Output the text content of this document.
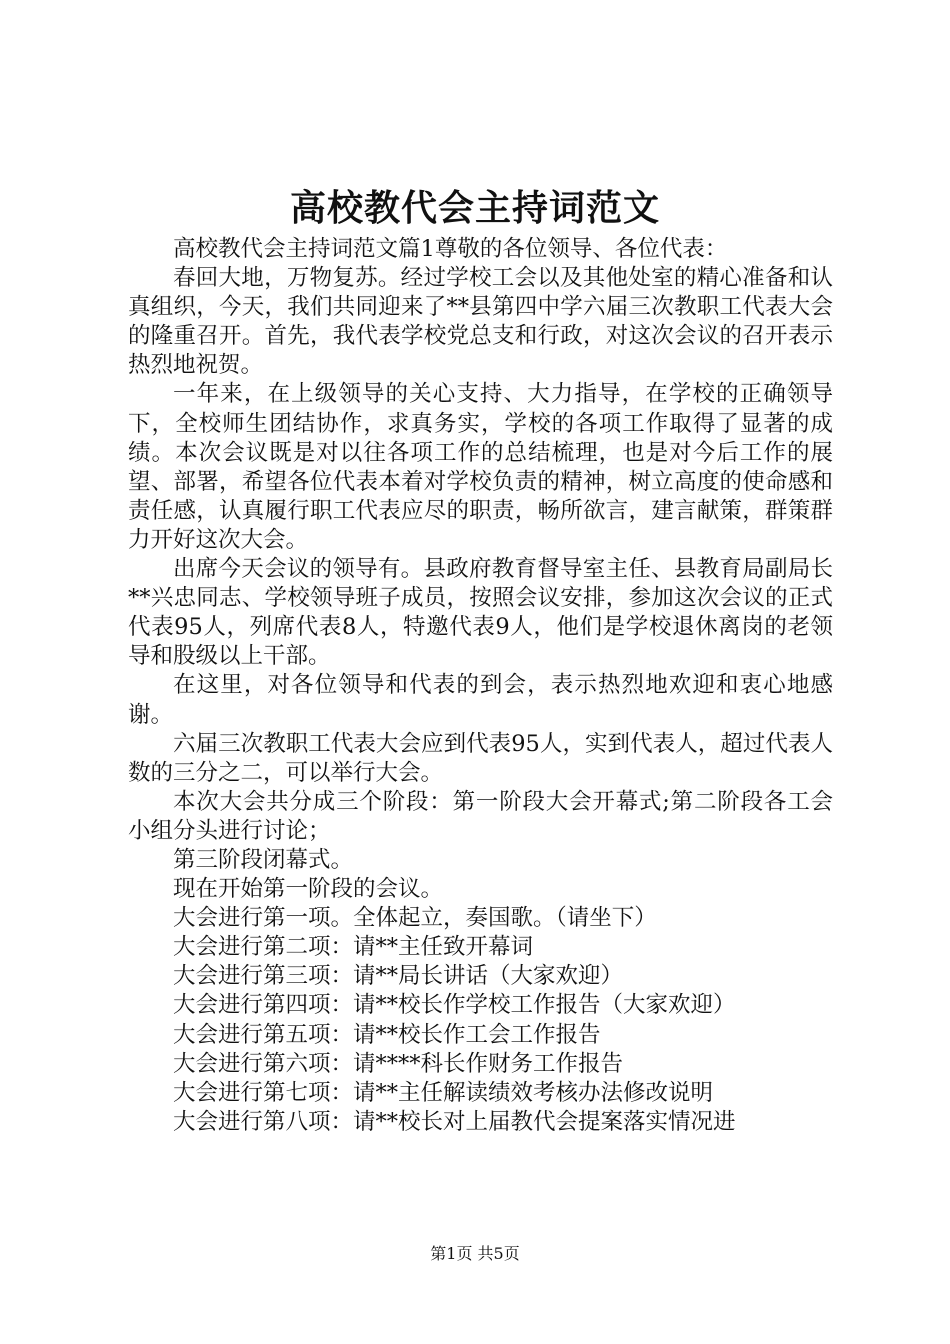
高校教代会主持词范文

高校教代会主持词范文篇1尊敬的各位领导、各位代表：

春回大地，万物复苏。经过学校工会以及其他处室的精心准备和认真组织，今天，我们共同迎来了**县第四中学六届三次教职工代表大会的隆重召开。首先，我代表学校党总支和行政，对这次会议的召开表示热烈地祝贺。

一年来，在上级领导的关心支持、大力指导，在学校的正确领导下，全校师生团结协作，求真务实，学校的各项工作取得了显著的成绩。本次会议既是对以往各项工作的总结梳理，也是对今后工作的展望、部署，希望各位代表本着对学校负责的精神，树立高度的使命感和责任感，认真履行职工代表应尽的职责，畅所欲言，建言献策，群策群力开好这次大会。

出席今天会议的领导有。县政府教育督导室主任、县教育局副局长**兴忠同志、学校领导班子成员，按照会议安排，参加这次会议的正式代表95人，列席代表8人，特邀代表9人，他们是学校退休离岗的老领导和股级以上干部。

在这里，对各位领导和代表的到会，表示热烈地欢迎和衷心地感谢。

六届三次教职工代表大会应到代表95人，实到代表人，超过代表人数的三分之二，可以举行大会。

本次大会共分成三个阶段：第一阶段大会开幕式;第二阶段各工会小组分头进行讨论；

第三阶段闭幕式。

现在开始第一阶段的会议。

大会进行第一项。全体起立，奏国歌。（请坐下）

大会进行第二项：请**主任致开幕词

大会进行第三项：请**局长讲话（大家欢迎）

大会进行第四项：请**校长作学校工作报告（大家欢迎）

大会进行第五项：请**校长作工会工作报告

大会进行第六项：请****科长作财务工作报告

大会进行第七项：请**主任解读绩效考核办法修改说明

大会进行第八项：请**校长对上届教代会提案落实情况进

第1页 共5页
